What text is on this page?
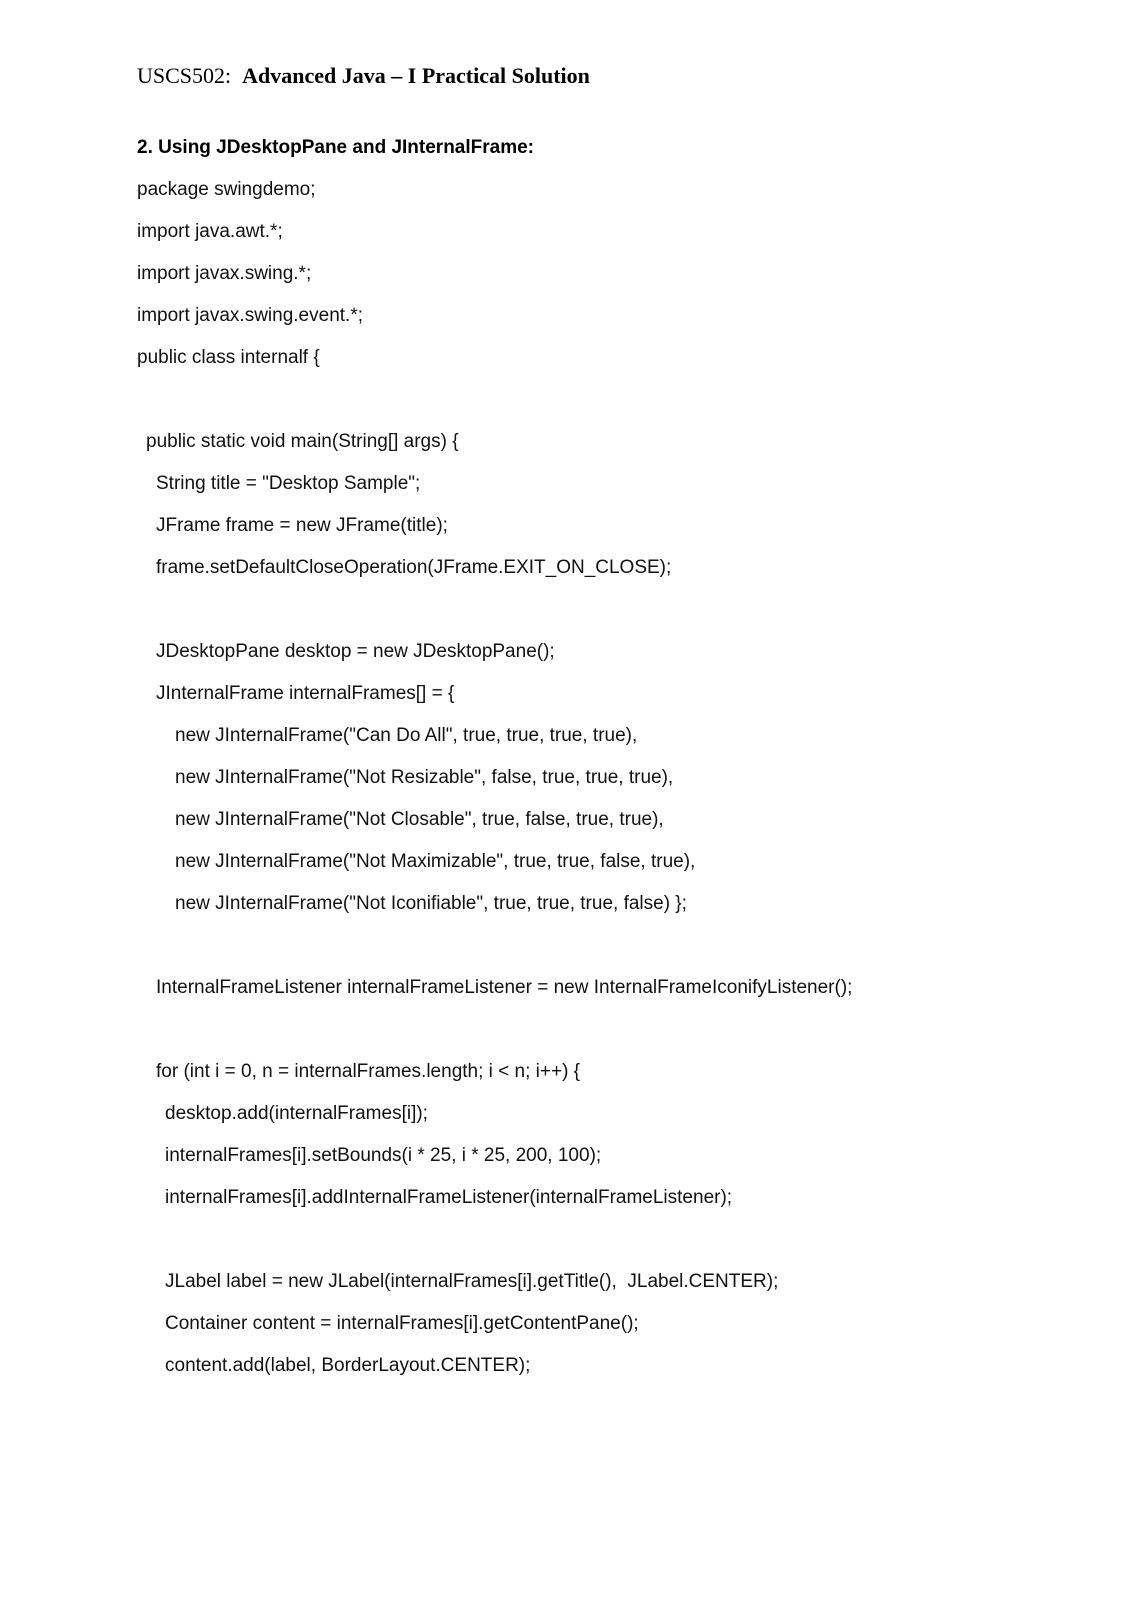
USCS502: Advanced Java – I Practical Solution
2. Using JDesktopPane and JInternalFrame:
package swingdemo;
import java.awt.*;
import javax.swing.*;
import javax.swing.event.*;
public class internalf {
public static void main(String[] args) {
String title = "Desktop Sample";
JFrame frame = new JFrame(title);
frame.setDefaultCloseOperation(JFrame.EXIT_ON_CLOSE);
JDesktopPane desktop = new JDesktopPane();
JInternalFrame internalFrames[] = {
new JInternalFrame("Can Do All", true, true, true, true),
new JInternalFrame("Not Resizable", false, true, true, true),
new JInternalFrame("Not Closable", true, false, true, true),
new JInternalFrame("Not Maximizable", true, true, false, true),
new JInternalFrame("Not Iconifiable", true, true, true, false) };
InternalFrameListener internalFrameListener = new InternalFrameIconifyListener();
for (int i = 0, n = internalFrames.length; i < n; i++) {
desktop.add(internalFrames[i]);
internalFrames[i].setBounds(i * 25, i * 25, 200, 100);
internalFrames[i].addInternalFrameListener(internalFrameListener);
JLabel label = new JLabel(internalFrames[i].getTitle(),  JLabel.CENTER);
Container content = internalFrames[i].getContentPane();
content.add(label, BorderLayout.CENTER);
